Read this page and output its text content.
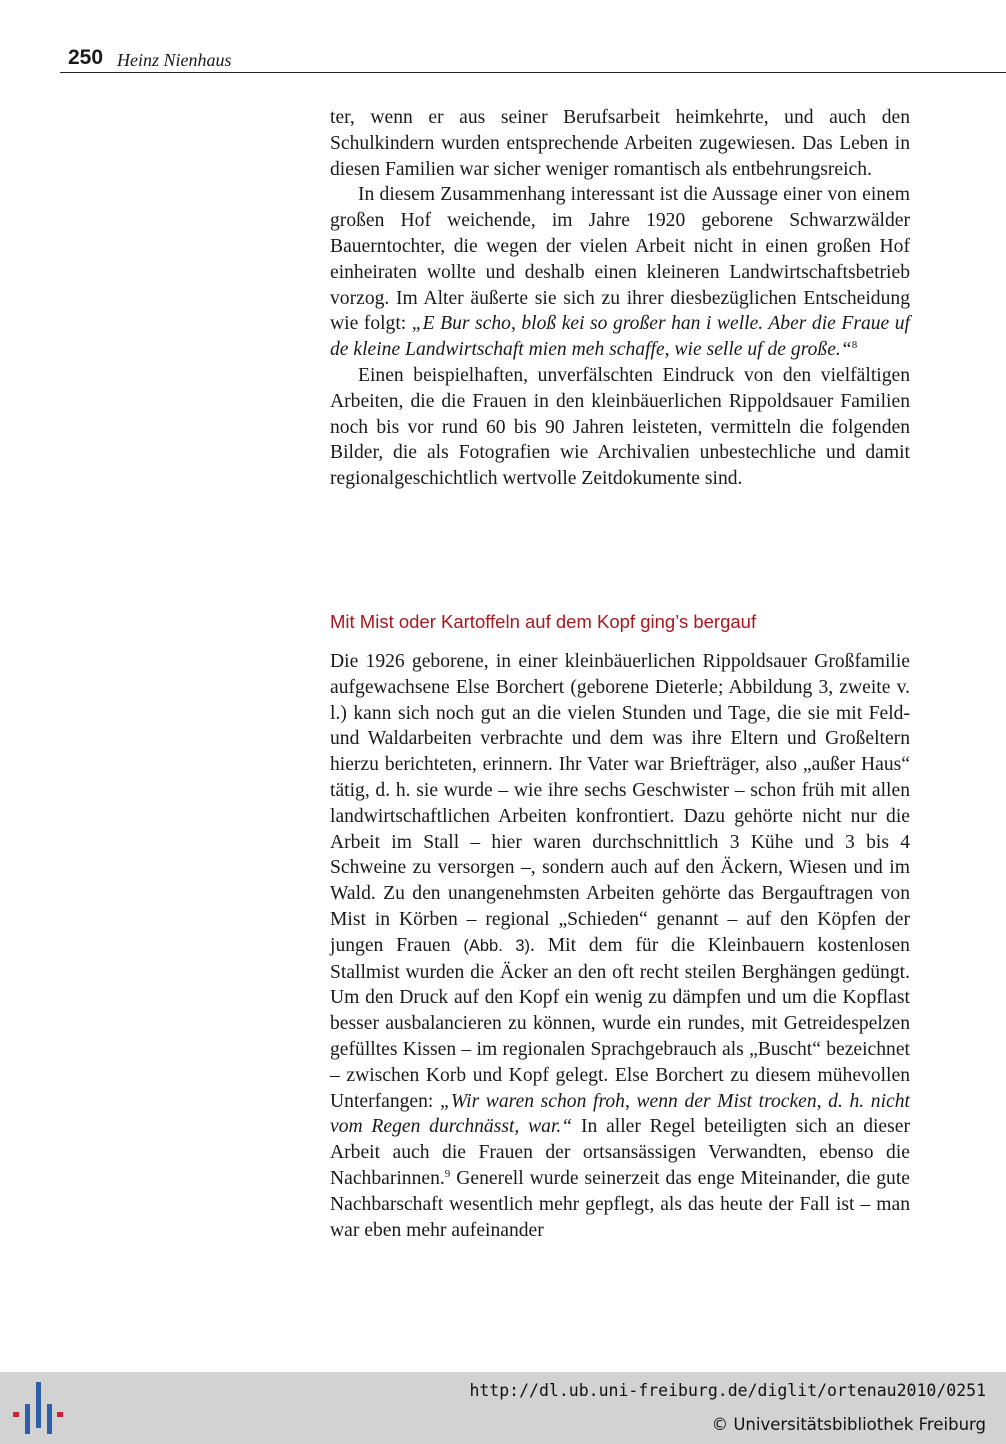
250 Heinz Nienhaus

ter, wenn er aus seiner Berufsarbeit heimkehrte, und auch den Schulkindern wurden entsprechende Arbeiten zugewiesen. Das Leben in diesen Familien war sicher weniger romantisch als entbehrungsreich.

In diesem Zusammenhang interessant ist die Aussage einer von einem großen Hof weichende, im Jahre 1920 geborene Schwarzwälder Bauerntochter, die wegen der vielen Arbeit nicht in einen großen Hof einheiraten wollte und deshalb einen kleineren Landwirtschaftsbetrieb vorzog. Im Alter äußerte sie sich zu ihrer diesbezüglichen Entscheidung wie folgt: „E Bur scho, bloß kei so großer han i welle. Aber die Fraue uf de kleine Landwirtschaft mien meh schaffe, wie selle uf de große.“$^8$

Einen beispielhaften, unverfälschten Eindruck von den vielfältigen Arbeiten, die die Frauen in den kleinbäuerlichen Rippoldsauer Familien noch bis vor rund 60 bis 90 Jahren leisteten, vermitteln die folgenden Bilder, die als Fotografien wie Archivalien unbestechliche und damit regionalgeschichtlich wertvolle Zeitdokumente sind.

Mit Mist oder Kartoffeln auf dem Kopf ging’s bergauf

Die 1926 geborene, in einer kleinbäuerlichen Rippoldsauer Großfamilie aufgewachsene Else Borchert (geborene Dieterle; Abbildung 3, zweite v. l.) kann sich noch gut an die vielen Stunden und Tage, die sie mit Feld- und Waldarbeiten verbrachte und dem was ihre Eltern und Großeltern hierzu berichteten, erinnern. Ihr Vater war Briefträger, also „außer Haus“ tätig, d. h. sie wurde – wie ihre sechs Geschwister – schon früh mit allen landwirtschaftlichen Arbeiten konfrontiert. Dazu gehörte nicht nur die Arbeit im Stall – hier waren durchschnittlich 3 Kühe und 3 bis 4 Schweine zu versorgen –, sondern auch auf den Äckern, Wiesen und im Wald. Zu den unangenehmsten Arbeiten gehörte das Bergauftragen von Mist in Körben – regional „Schieden“ genannt – auf den Köpfen der jungen Frauen (Abb. 3). Mit dem für die Kleinbauern kostenlosen Stallmist wurden die Äcker an den oft recht steilen Berghängen gedüngt. Um den Druck auf den Kopf ein wenig zu dämpfen und um die Kopflast besser ausbalancieren zu können, wurde ein rundes, mit Getreidespelzen gefülltes Kissen – im regionalen Sprachgebrauch als „Buscht“ bezeichnet – zwischen Korb und Kopf gelegt. Else Borchert zu diesem mühevollen Unterfangen: „Wir waren schon froh, wenn der Mist trocken, d. h. nicht vom Regen durchnässt, war.“ In aller Regel beteiligten sich an dieser Arbeit auch die Frauen der ortsansässigen Verwandten, ebenso die Nachbarinnen.$^9$ Generell wurde seinerzeit das enge Miteinander, die gute Nachbarschaft wesentlich mehr gepflegt, als das heute der Fall ist – man war eben mehr aufeinander

http://dl.ub.uni-freiburg.de/diglit/ortenau2010/0251
© Universitätsbibliothek Freiburg
